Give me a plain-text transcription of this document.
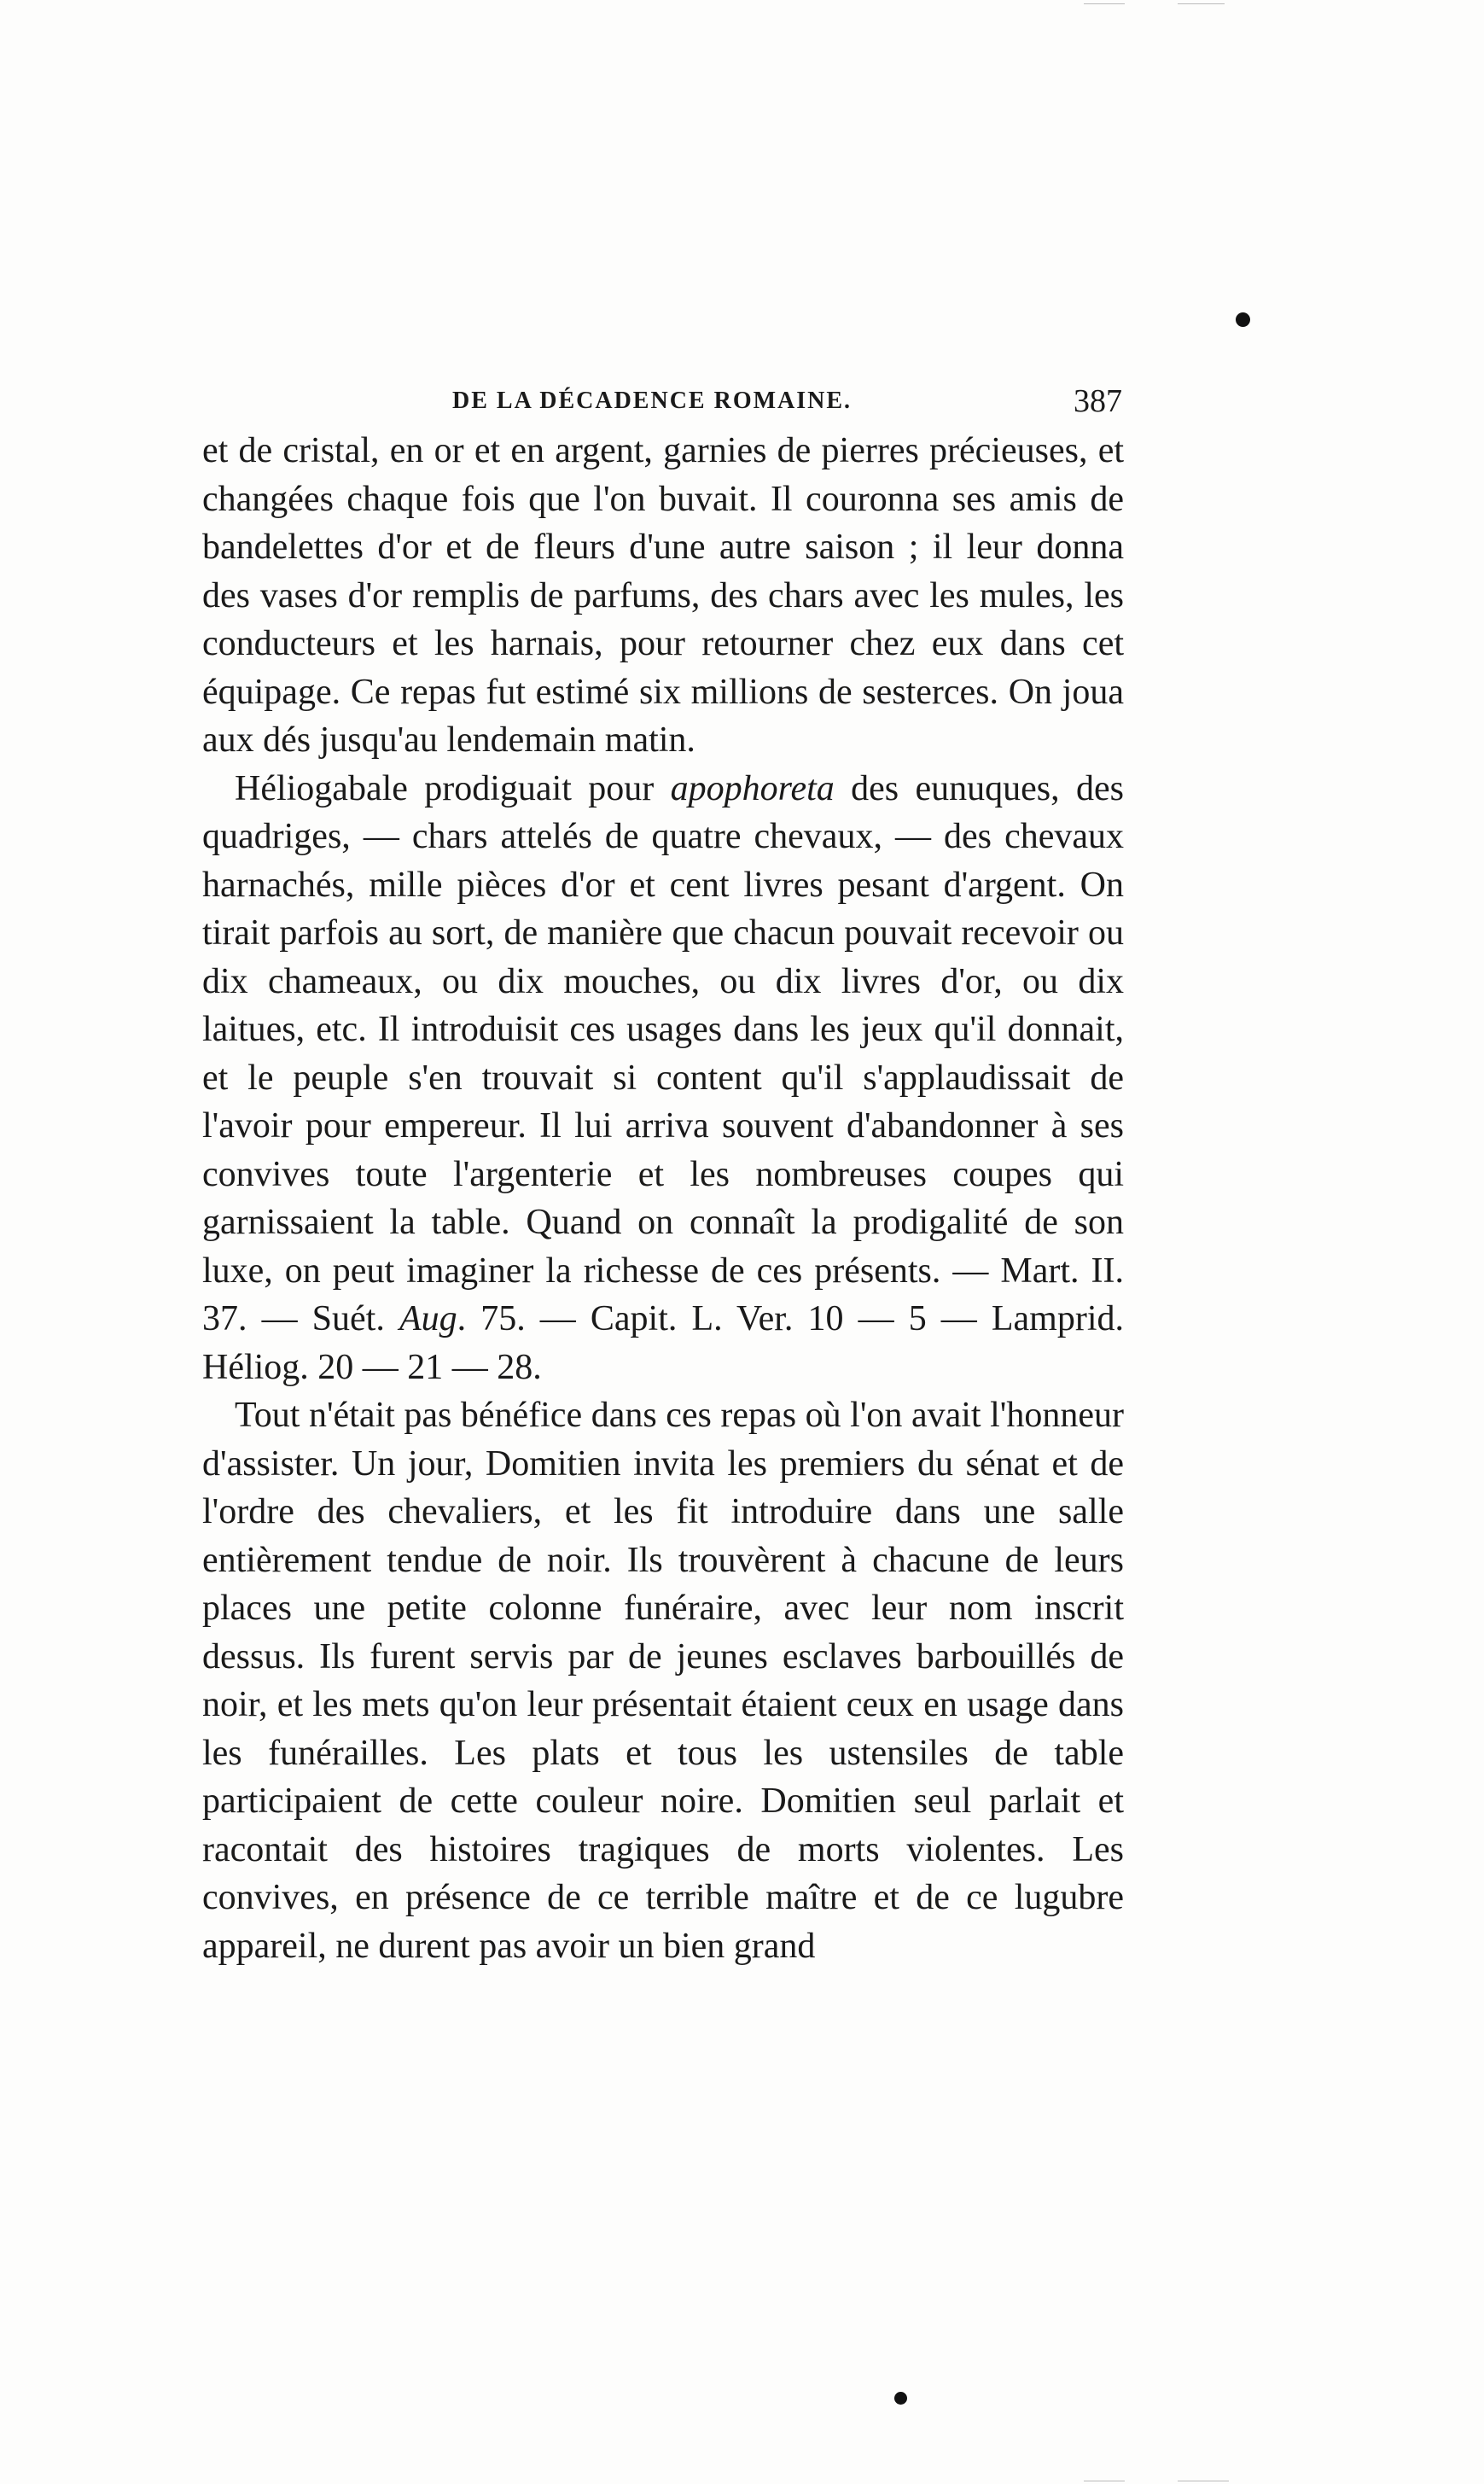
DE LA DÉCADENCE ROMAINE.	387

et de cristal, en or et en argent, garnies de pierres précieuses, et changées chaque fois que l'on buvait. Il couronna ses amis de bandelettes d'or et de fleurs d'une autre saison ; il leur donna des vases d'or remplis de parfums, des chars avec les mules, les conducteurs et les harnais, pour retourner chez eux dans cet équipage. Ce repas fut estimé six millions de sesterces. On joua aux dés jusqu'au lendemain matin.

Héliogabale prodiguait pour apophoreta des eunuques, des quadriges, — chars attelés de quatre chevaux, — des chevaux harnachés, mille pièces d'or et cent livres pesant d'argent. On tirait parfois au sort, de manière que chacun pouvait recevoir ou dix chameaux, ou dix mouches, ou dix livres d'or, ou dix laitues, etc. Il introduisit ces usages dans les jeux qu'il donnait, et le peuple s'en trouvait si content qu'il s'applaudissait de l'avoir pour empereur. Il lui arriva souvent d'abandonner à ses convives toute l'argenterie et les nombreuses coupes qui garnissaient la table. Quand on connaît la prodigalité de son luxe, on peut imaginer la richesse de ces présents. — Mart. II. 37. — Suét. Aug. 75. — Capit. L. Ver. 10 — 5 — Lamprid. Héliog. 20 — 21 — 28.

Tout n'était pas bénéfice dans ces repas où l'on avait l'honneur d'assister. Un jour, Domitien invita les premiers du sénat et de l'ordre des chevaliers, et les fit introduire dans une salle entièrement tendue de noir. Ils trouvèrent à chacune de leurs places une petite colonne funéraire, avec leur nom inscrit dessus. Ils furent servis par de jeunes esclaves barbouillés de noir, et les mets qu'on leur présentait étaient ceux en usage dans les funérailles. Les plats et tous les ustensiles de table participaient de cette couleur noire. Domitien seul parlait et racontait des histoires tragiques de morts violentes. Les convives, en présence de ce terrible maître et de ce lugubre appareil, ne durent pas avoir un bien grand
